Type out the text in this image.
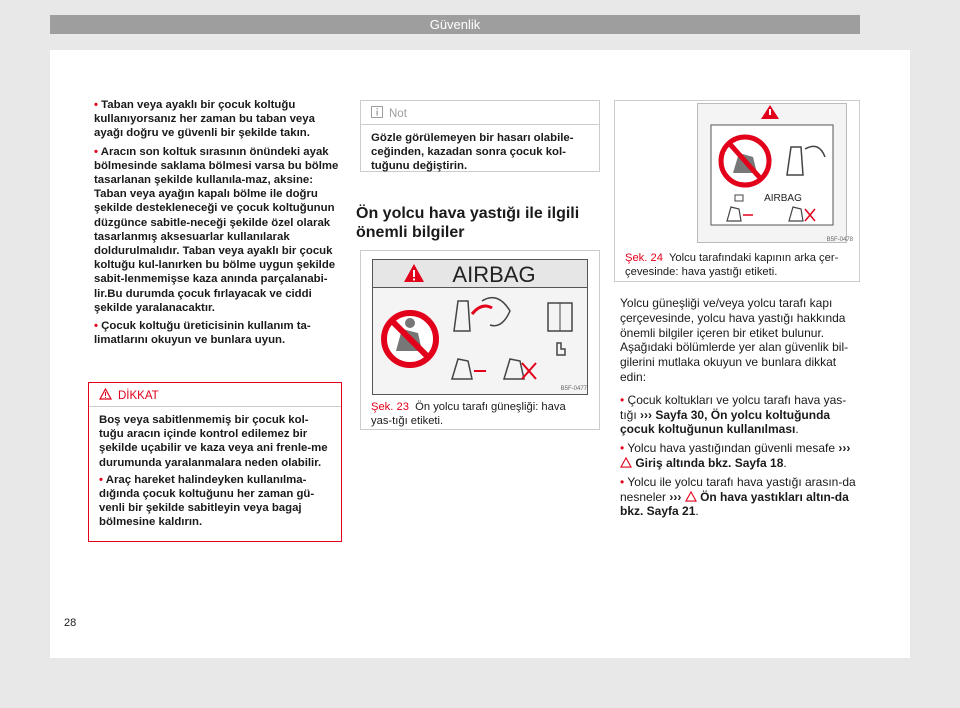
Güvenlik

• Taban veya ayaklı bir çocuk koltuğu kullanıyorsanız her zaman bu taban veya ayağı doğru ve güvenli bir şekilde takın.

• Aracın son koltuk sırasının önündeki ayak bölmesinde saklama bölmesi varsa bu bölme tasarlanan şekilde kullanıla-maz, aksine: Taban veya ayağın kapalı bölme ile doğru şekilde destekleneceği ve çocuk koltuğunun düzgünce sabitle-neceği şekilde özel olarak tasarlanmış aksesuarlar kullanılarak doldurulmalıdır. Taban veya ayaklı bir çocuk koltuğu kul-lanırken bu bölme uygun şekilde sabit-lenmemişse kaza anında parçalanabi-lir.Bu durumda çocuk fırlayacak ve ciddi şekilde yaralanacaktır.

• Çocuk koltuğu üreticisinin kullanım ta-limatlarını okuyun ve bunlara uyun.

DİKKAT

Boş veya sabitlenmemiş bir çocuk kol-tuğu aracın içinde kontrol edilemez bir şekilde uçabilir ve kaza veya ani frenle-me durumunda yaralanmalara neden olabilir.

• Araç hareket halindeyken kullanılma-dığında çocuk koltuğunu her zaman gü-venli bir şekilde sabitleyin veya bagaj bölmesine kaldırın.

Not

Gözle görülemeyen bir hasarı olabile-ceğinden, kazadan sonra çocuk kol-tuğunu değiştirin.

Ön yolcu hava yastığı ile ilgili önemli bilgiler
AIRBAG
B5F-0477
Şek. 23 Ön yolcu tarafı güneşliği: hava yas-tığı etiketi.
AIRBAG
B5F-0478
Şek. 24 Yolcu tarafındaki kapının arka çer-çevesinde: hava yastığı etiketi.

Yolcu güneşliği ve/veya yolcu tarafı kapı çerçevesinde, yolcu hava yastığı hakkında önemli bilgiler içeren bir etiket bulunur. Aşağıdaki bölümlerde yer alan güvenlik bil-gilerini mutlaka okuyun ve bunlara dikkat edin:

• Çocuk koltukları ve yolcu tarafı hava yas-tığı ››› Sayfa 30, Ön yolcu koltuğunda çocuk koltuğunun kullanılması.

• Yolcu hava yastığından güvenli mesafe ›››  Giriş altında bkz. Sayfa 18.

• Yolcu ile yolcu tarafı hava yastığı arasın-da nesneler ››› Ön hava yastıkları altın-da bkz. Sayfa 21.

28
